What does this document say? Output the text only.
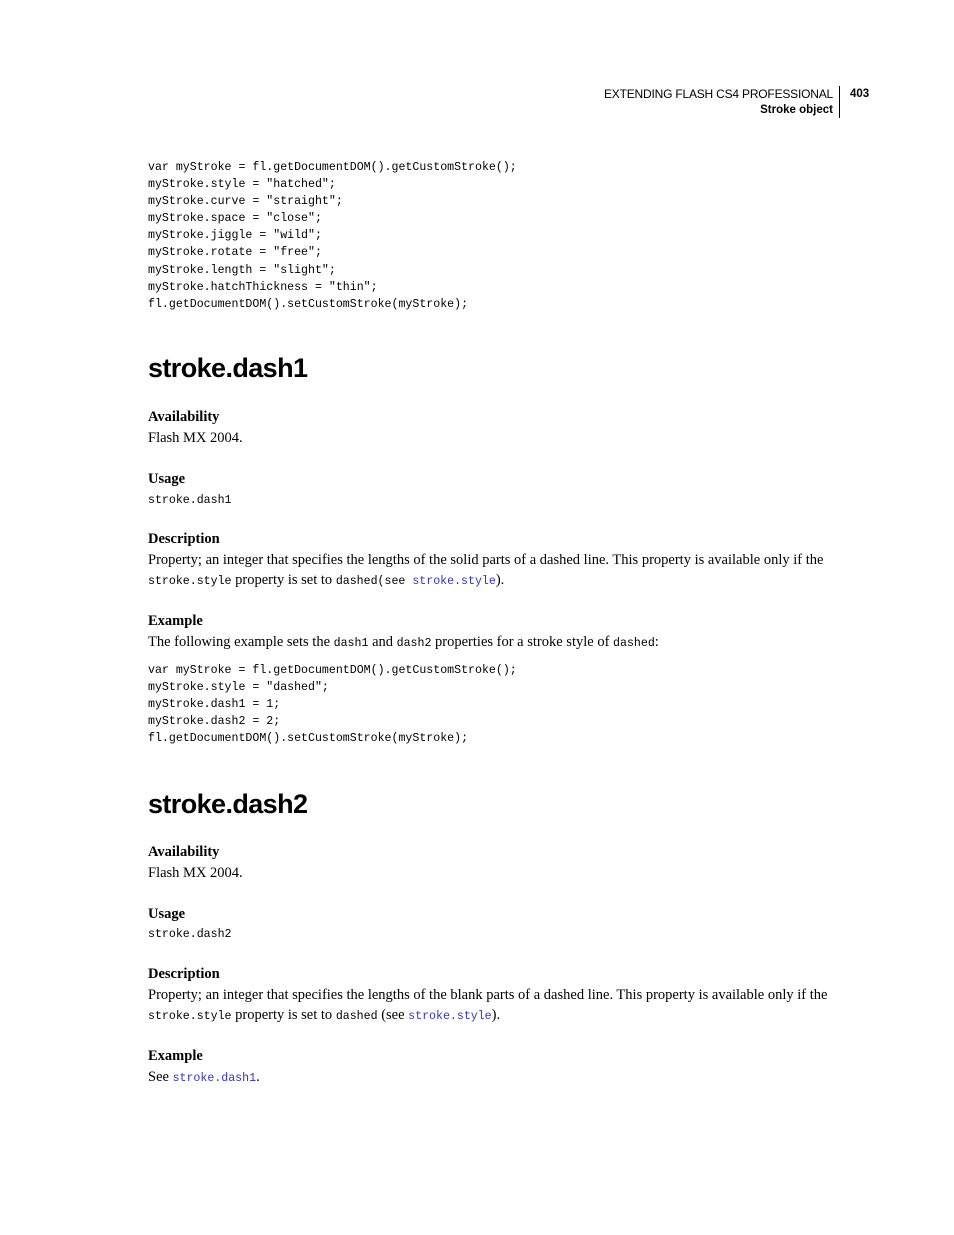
EXTENDING FLASH CS4 PROFESSIONAL
Stroke object
403
var myStroke = fl.getDocumentDOM().getCustomStroke();
myStroke.style = "hatched";
myStroke.curve = "straight";
myStroke.space = "close";
myStroke.jiggle = "wild";
myStroke.rotate = "free";
myStroke.length = "slight";
myStroke.hatchThickness = "thin";
fl.getDocumentDOM().setCustomStroke(myStroke);
stroke.dash1
Availability
Flash MX 2004.
Usage
stroke.dash1
Description
Property; an integer that specifies the lengths of the solid parts of a dashed line. This property is available only if the
stroke.style property is set to dashed(see stroke.style).
Example
The following example sets the dash1 and dash2 properties for a stroke style of dashed:
var myStroke = fl.getDocumentDOM().getCustomStroke();
myStroke.style = "dashed";
myStroke.dash1 = 1;
myStroke.dash2 = 2;
fl.getDocumentDOM().setCustomStroke(myStroke);
stroke.dash2
Availability
Flash MX 2004.
Usage
stroke.dash2
Description
Property; an integer that specifies the lengths of the blank parts of a dashed line. This property is available only if the
stroke.style property is set to dashed (see stroke.style).
Example
See stroke.dash1.
